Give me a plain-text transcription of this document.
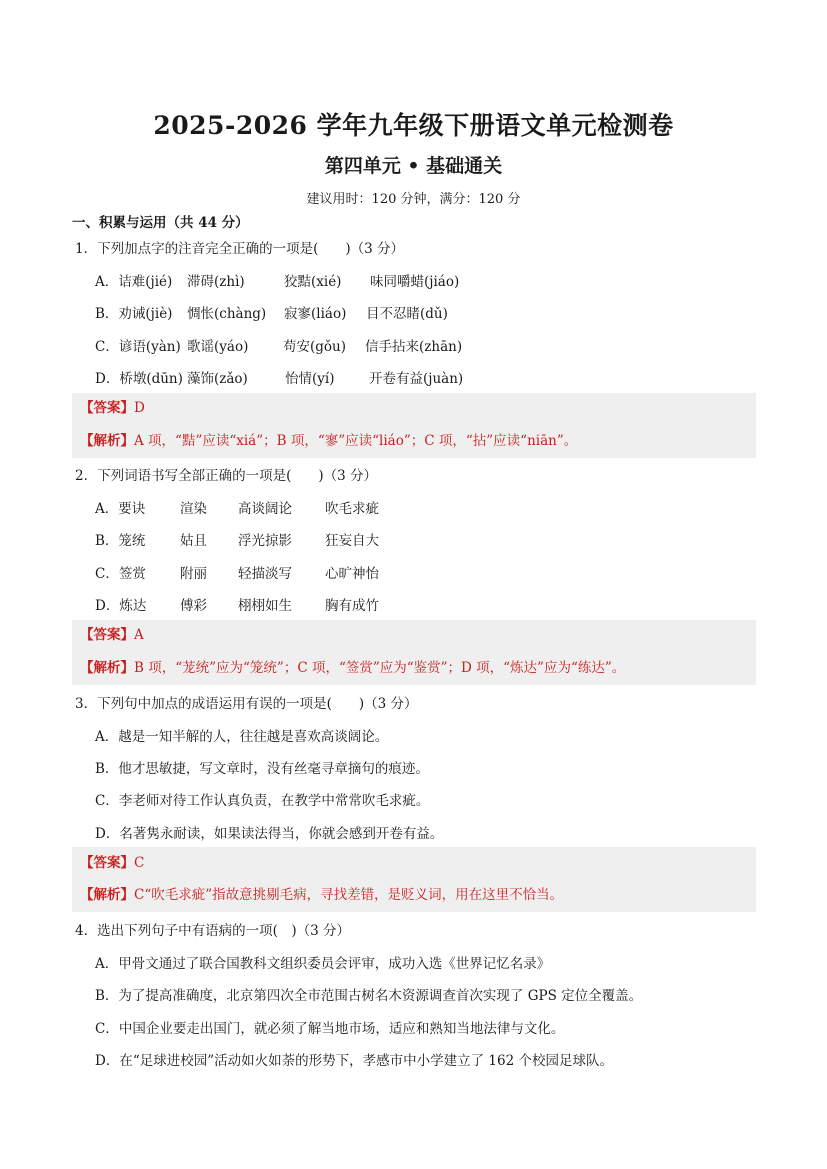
2025-2026 学年九年级下册语文单元检测卷
第四单元 • 基础通关
建议用时：120 分钟，满分：120 分
一、积累与运用（共 44 分）
1．下列加点字的注音完全正确的一项是(　　)（3 分）
A．诘难(jié) 滞碍(zhì)	狡黠(xié) 味同嚼蜡(jiáo)
B．劝诫(jiè) 惆怅(chàng) 寂寥(liáo) 目不忍睹(dǔ)
C．谚语(yàn) 歌谣(yáo)	苟安(gǒu) 信手拈来(zhān)
D．桥墩(dūn) 藻饰(zǎo)	怡情(yí)	开卷有益(juàn)
【答案】D
【解析】A 项，“黠”应读“xiá”；B 项，“寥”应读“liáo”；C 项，“拈”应读“niān”。
2．下列词语书写全部正确的一项是(　　)（3 分）
A．要诀	渲染 高谈阔论 吹毛求疵
B．笼统	姑且 浮光掠影 狂妄自大
C．签赏	附丽 轻描淡写 心旷神怡
D．炼达 傅彩 栩栩如生 胸有成竹
【答案】A
【解析】B 项，“茏统”应为“笼统”；C 项，“签赏”应为“鉴赏”；D 项，“炼达”应为“练达”。
3．下列句中加点的成语运用有误的一项是(　　)（3 分）
A．越是一知半解的人，往往越是喜欢高谈阔论。
B．他才思敏捷，写文章时，没有丝毫寻章摘句的痕迹。
C．李老师对待工作认真负责，在教学中常常吹毛求疵。
D．名著隽永耐读，如果读法得当，你就会感到开卷有益。
【答案】C
【解析】C“吹毛求疵”指故意挑剔毛病，寻找差错，是贬义词，用在这里不恰当。
4．选出下列句子中有语病的一项(　)（3 分）
A．甲骨文通过了联合国教科文组织委员会评审，成功入选《世界记忆名录》
B．为了提高准确度，北京第四次全市范围古树名木资源调查首次实现了 GPS 定位全覆盖。
C．中国企业要走出国门，就必须了解当地市场，适应和熟知当地法律与文化。
D．在“足球进校园”活动如火如荼的形势下，孝感市中小学建立了 162 个校园足球队。
